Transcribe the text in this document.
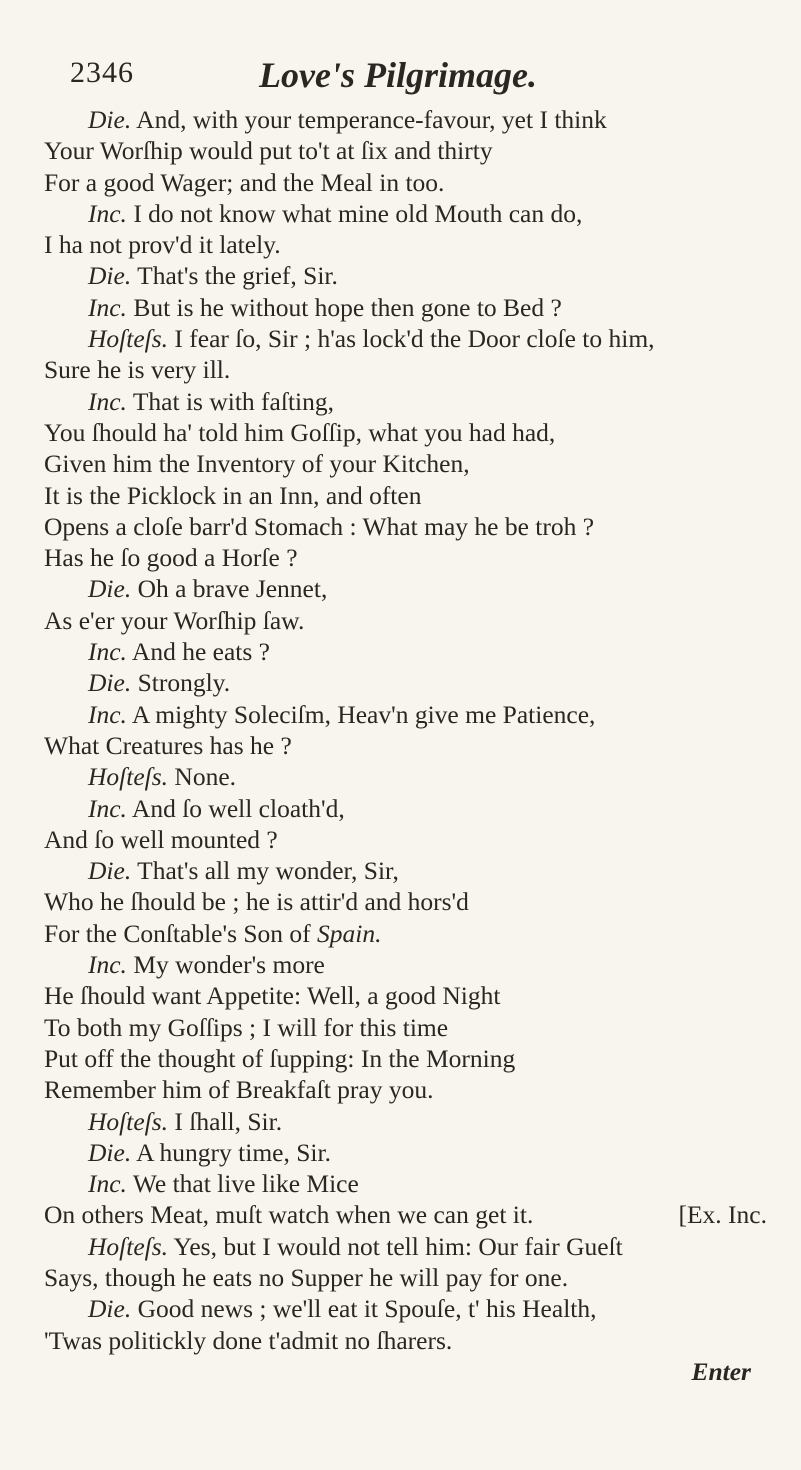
2346	Love's Pilgrimage.
Die. And, with your temperance-favour, yet I think
Your Worſhip would put to't at ſix and thirty
For a good Wager; and the Meal in too.
Inc. I do not know what mine old Mouth can do,
I ha not prov'd it lately.
Die. That's the grief, Sir.
Inc. But is he without hope then gone to Bed ?
Hoſteſs. I fear ſo, Sir ; h'as lock'd the Door cloſe to him,
Sure he is very ill.
Inc. That is with faſting,
You ſhould ha' told him Goſſip, what you had had,
Given him the Inventory of your Kitchen,
It is the Picklock in an Inn, and often
Opens a cloſe barr'd Stomach : What may he be troh ?
Has he ſo good a Horſe ?
Die. Oh a brave Jennet,
As e'er your Worſhip ſaw.
Inc. And he eats ?
Die. Strongly.
Inc. A mighty Soleciſm, Heav'n give me Patience,
What Creatures has he ?
Hoſteſs. None.
Inc. And ſo well cloath'd,
And ſo well mounted ?
Die. That's all my wonder, Sir,
Who he ſhould be ; he is attir'd and hors'd
For the Conſtable's Son of Spain.
Inc. My wonder's more
He ſhould want Appetite: Well, a good Night
To both my Goſſips ; I will for this time
Put off the thought of ſupping: In the Morning
Remember him of Breakfaſt pray you.
Hoſteſs. I ſhall, Sir.
Die. A hungry time, Sir.
Inc. We that live like Mice
On others Meat, muſt watch when we can get it.	[Ex. Inc.
Hoſteſs. Yes, but I would not tell him: Our fair Gueſt
Says, though he eats no Supper he will pay for one.
Die. Good news ; we'll eat it Spouſe, t' his Health,
'Twas politickly done t'admit no ſharers.
Enter
